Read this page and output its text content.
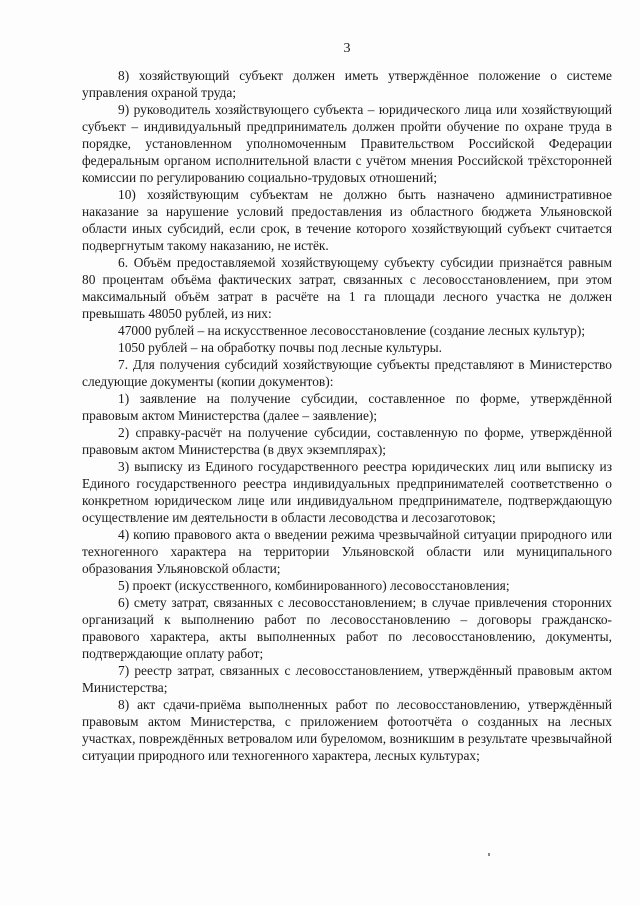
3

8) хозяйствующий субъект должен иметь утверждённое положение о системе управления охраной труда;

9) руководитель хозяйствующего субъекта – юридического лица или хозяйствующий субъект – индивидуальный предприниматель должен пройти обучение по охране труда в порядке, установленном уполномоченным Правительством Российской Федерации федеральным органом исполнительной власти с учётом мнения Российской трёхсторонней комиссии по регулированию социально-трудовых отношений;

10) хозяйствующим субъектам не должно быть назначено административное наказание за нарушение условий предоставления из областного бюджета Ульяновской области иных субсидий, если срок, в течение которого хозяйствующий субъект считается подвергнутым такому наказанию, не истёк.

6. Объём предоставляемой хозяйствующему субъекту субсидии признаётся равным 80 процентам объёма фактических затрат, связанных с лесовосстановлением, при этом максимальный объём затрат в расчёте на 1 га площади лесного участка не должен превышать 48050 рублей, из них:

47000 рублей – на искусственное лесовосстановление (создание лесных культур);

1050 рублей – на обработку почвы под лесные культуры.

7. Для получения субсидий хозяйствующие субъекты представляют в Министерство следующие документы (копии документов):

1) заявление на получение субсидии, составленное по форме, утверждённой правовым актом Министерства (далее – заявление);

2) справку-расчёт на получение субсидии, составленную по форме, утверждённой правовым актом Министерства (в двух экземплярах);

3) выписку из Единого государственного реестра юридических лиц или выписку из Единого государственного реестра индивидуальных предпринимателей соответственно о конкретном юридическом лице или индивидуальном предпринимателе, подтверждающую осуществление им деятельности в области лесоводства и лесозаготовок;

4) копию правового акта о введении режима чрезвычайной ситуации природного или техногенного характера на территории Ульяновской области или муниципального образования Ульяновской области;

5) проект (искусственного, комбинированного) лесовосстановления;

6) смету затрат, связанных с лесовосстановлением; в случае привлечения сторонних организаций к выполнению работ по лесовосстановлению – договоры гражданско-правового характера, акты выполненных работ по лесовосстановлению, документы, подтверждающие оплату работ;

7) реестр затрат, связанных с лесовосстановлением, утверждённый правовым актом Министерства;

8) акт сдачи-приёма выполненных работ по лесовосстановлению, утверждённый правовым актом Министерства, с приложением фотоотчёта о созданных на лесных участках, повреждённых ветровалом или буреломом, возникшим в результате чрезвычайной ситуации природного или техногенного характера, лесных культурах;
